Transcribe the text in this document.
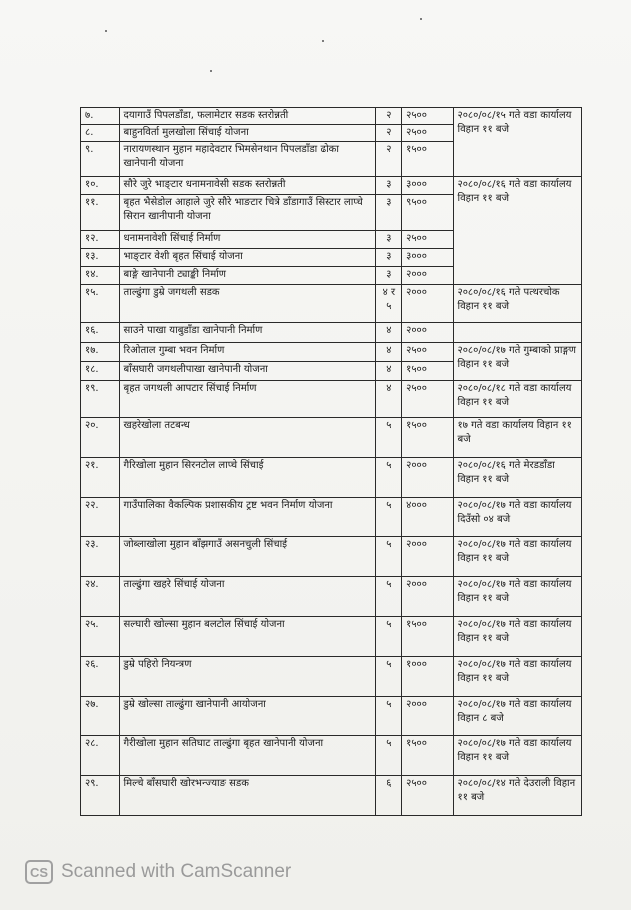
७.	दयागाउँ पिपलडाँडा, फलामेटार सडक स्तरोन्नती	२	२५००	२०८०/०८/१५ गते वडा कार्यालय विहान ११ बजे
८.	बाहुनविर्ता मुलखोला सिंचाई योजना	२	२५००	
९.	नारायणस्थान मुहान महादेवटार भिमसेनथान पिपलडाँडा ढोका खानेपानी योजना	२	१५००	
१०.	सौरे जुरे भाङ्टार धनामनावेसी सडक स्तरोन्नती	३	३०००	२०८०/०८/१६ गते वडा कार्यालय विहान ११ बजे
११.	बृहत भैसेडोल आहाले जुरे सौरे भाङटार चित्रे डाँडागाउँ सिस्टार लाप्चे सिरान खानीपानी योजना	३	९५००	
१२.	धनामनावेशी सिंचाई निर्माण	३	२५००	
१३.	भाङ्टार वेशी बृहत सिंचाई योजना	३	३०००	
१४.	बाङ्गे खानेपानी ट्याङ्की निर्माण	३	२०००	
१५.	ताल्ढुंगा डुम्रे जगथली सडक	४ र ५	२०००	२०८०/०८/१६ गते पत्थरचोक विहान ११ बजे
१६.	साउने पाखा याबुडाँडा खानेपानी निर्माण	४	२०००	
१७.	रिओताल गुम्बा भवन निर्माण	४	२५००	२०८०/०८/१७ गते गुम्बाको प्राङ्गण विहान ११ बजे
१८.	बाँसघारी जगथलीपाखा खानेपानी योजना	४	१५००	
१९.	बृहत जगथली आपटार सिंचाई निर्माण	४	२५००	२०८०/०८/१८ गते वडा कार्यालय विहान ११ बजे
२०.	खहरेखोला तटबन्ध	५	१५००	१७ गते वडा कार्यालय विहान ११ बजे
२१.	गैरिखोला मुहान सिरनटोल लाप्चे सिंचाई	५	२०००	२०८०/०८/१६ गते मेरडडाँडा विहान ११ बजे
२२.	गाउँपालिका वैकल्पिक प्रशासकीय ट्रष्ट भवन निर्माण योजना	५	४०००	२०८०/०८/१७ गते वडा कार्यालय दिउँसो ०४ बजे
२३.	जोब्लाखोला मुहान बाँझगाउँ असनचुली सिंचाई	५	२०००	२०८०/०८/१७ गते वडा कार्यालय विहान ११ बजे
२४.	ताल्ढुंगा खहरे सिंचाई योजना	५	२०००	२०८०/०८/१७ गते वडा कार्यालय विहान ११ बजे
२५.	सल्घारी खोल्सा मुहान बलटोल सिंचाई योजना	५	१५००	२०८०/०८/१७ गते वडा कार्यालय विहान ११ बजे
२६.	डुम्रे पहिरो नियन्त्रण	५	१०००	२०८०/०८/१७ गते वडा कार्यालय विहान ११ बजे
२७.	डुम्रे खोल्सा ताल्ढुंगा खानेपानी आयोजना	५	२०००	२०८०/०८/१७ गते वडा कार्यालय विहान ८ बजे
२८.	गैरीखोला मुहान सतिघाट ताल्ढुंगा बृहत खानेपानी योजना	५	१५००	२०८०/०८/१७ गते वडा कार्यालय विहान ११ बजे
२९.	मिल्चे बाँसघारी खोरभन्ज्याङ सडक	६	२५००	२०८०/०८/१४ गते देउराली विहान ११ बजे
CS Scanned with CamScanner
